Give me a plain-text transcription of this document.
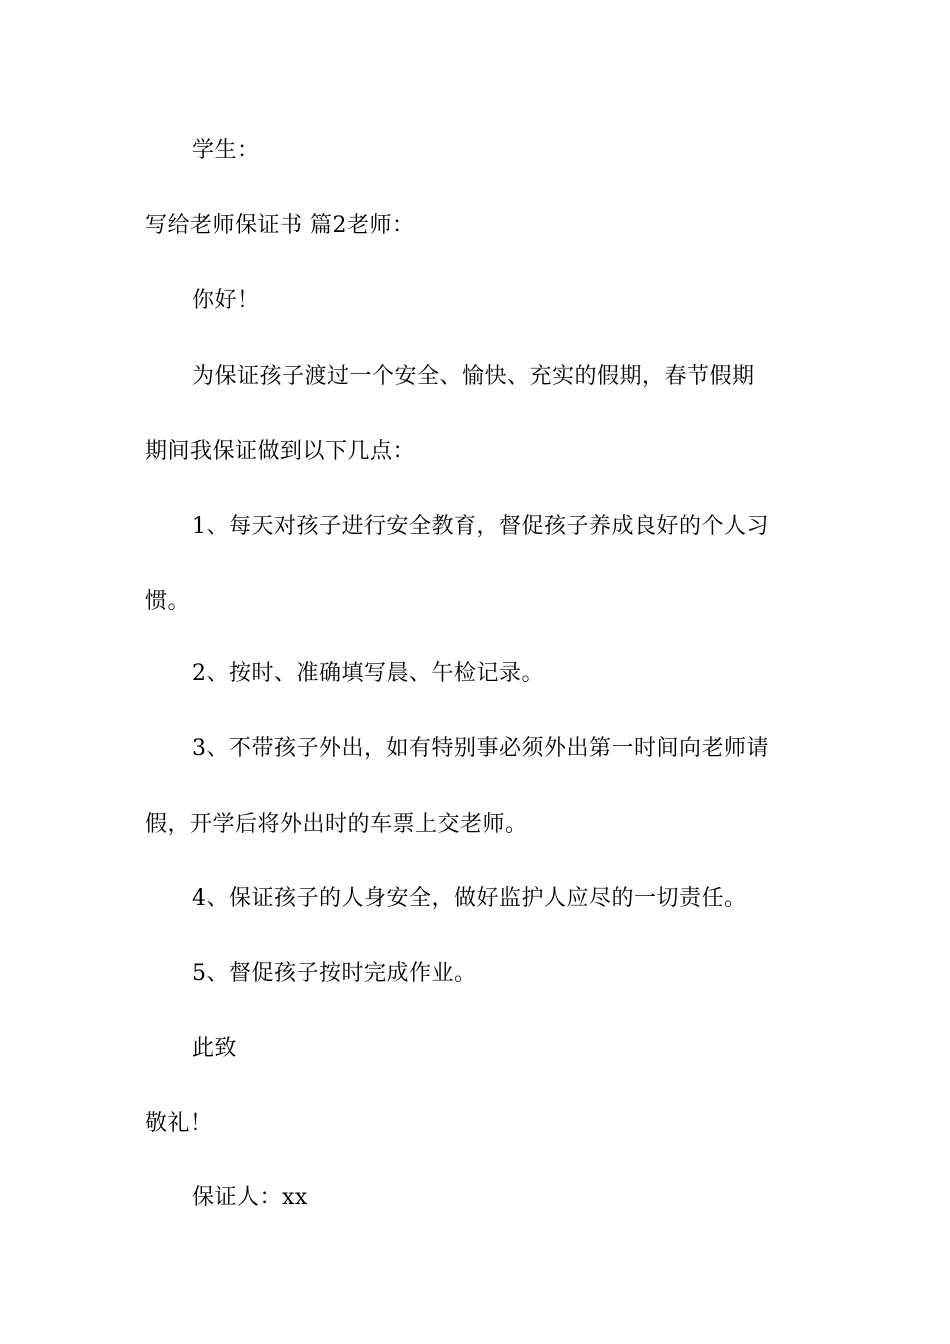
学生：
写给老师保证书 篇2老师：
你好！
为保证孩子渡过一个安全、愉快、充实的假期，春节假期
期间我保证做到以下几点：
1、每天对孩子进行安全教育，督促孩子养成良好的个人习
惯。
2、按时、准确填写晨、午检记录。
3、不带孩子外出，如有特别事必须外出第一时间向老师请
假，开学后将外出时的车票上交老师。
4、保证孩子的人身安全，做好监护人应尽的一切责任。
5、督促孩子按时完成作业。
此致
敬礼！
保证人：xx
